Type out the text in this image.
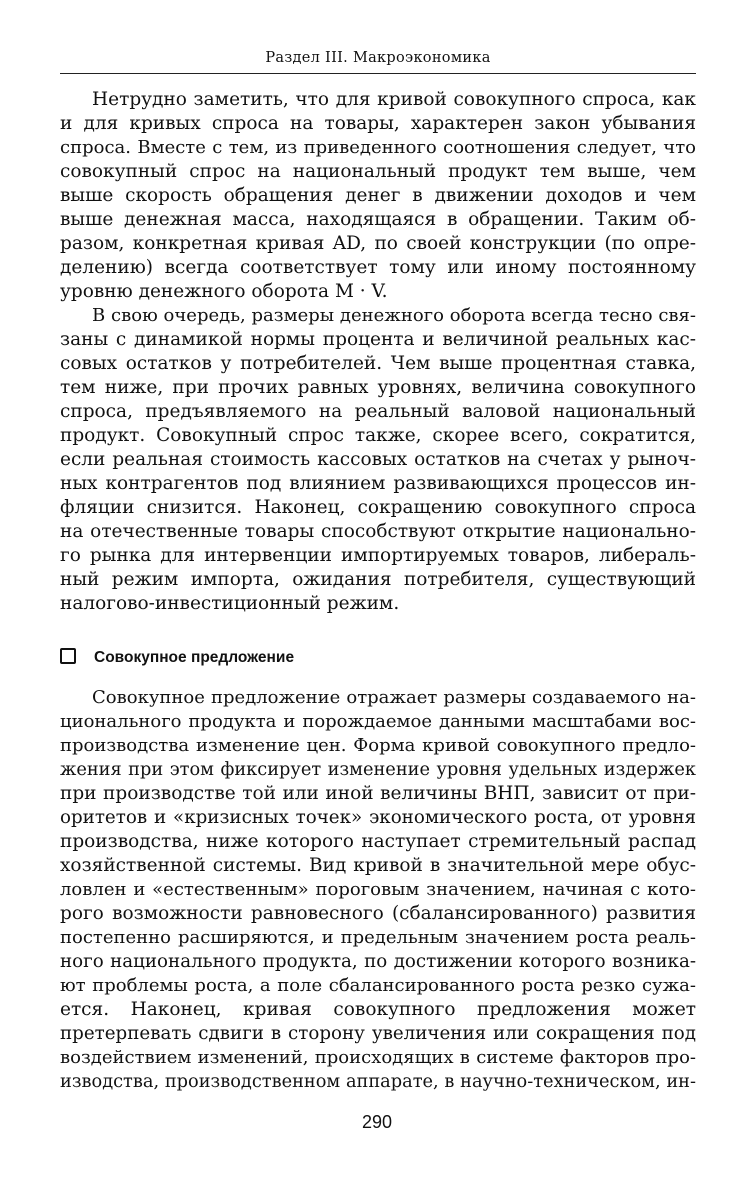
Раздел III. Макроэкономика
Нетрудно заметить, что для кривой совокупного спроса, как
и для кривых спроса на товары, характерен закон убывания
спроса. Вместе с тем, из приведенного соотношения следует, что
совокупный спрос на национальный продукт тем выше, чем
выше скорость обращения денег в движении доходов и чем
выше денежная масса, находящаяся в обращении. Таким об-
разом, конкретная кривая AD, по своей конструкции (по опре-
делению) всегда соответствует тому или иному постоянному
уровню денежного оборота M · V.
В свою очередь, размеры денежного оборота всегда тесно свя-
заны с динамикой нормы процента и величиной реальных кас-
совых остатков у потребителей. Чем выше процентная ставка,
тем ниже, при прочих равных уровнях, величина совокупного
спроса, предъявляемого на реальный валовой национальный
продукт. Совокупный спрос также, скорее всего, сократится,
если реальная стоимость кассовых остатков на счетах у рыноч-
ных контрагентов под влиянием развивающихся процессов ин-
фляции снизится. Наконец, сокращению совокупного спроса
на отечественные товары способствуют открытие национально-
го рынка для интервенции импортируемых товаров, либераль-
ный режим импорта, ожидания потребителя, существующий
налогово-инвестиционный режим.
Совокупное предложение
Совокупное предложение отражает размеры создаваемого на-
ционального продукта и порождаемое данными масштабами вос-
производства изменение цен. Форма кривой совокупного предло-
жения при этом фиксирует изменение уровня удельных издержек
при производстве той или иной величины ВНП, зависит от при-
оритетов и «кризисных точек» экономического роста, от уровня
производства, ниже которого наступает стремительный распад
хозяйственной системы. Вид кривой в значительной мере обус-
ловлен и «естественным» пороговым значением, начиная с кото-
рого возможности равновесного (сбалансированного) развития
постепенно расширяются, и предельным значением роста реаль-
ного национального продукта, по достижении которого возника-
ют проблемы роста, а поле сбалансированного роста резко сужа-
ется. Наконец, кривая совокупного предложения может
претерпевать сдвиги в сторону увеличения или сокращения под
воздействием изменений, происходящих в системе факторов про-
изводства, производственном аппарате, в научно-техническом, ин-
290
